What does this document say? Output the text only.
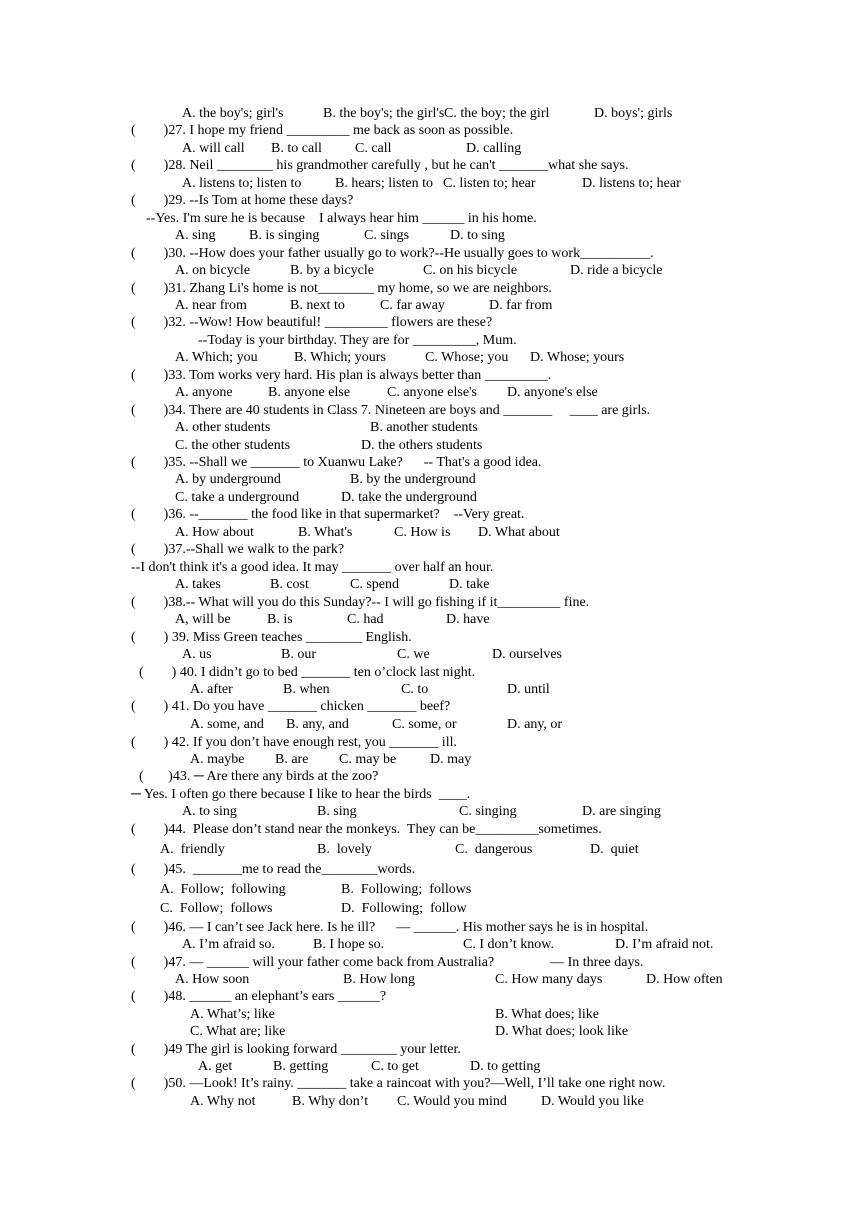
A. the boy's; girl's	B. the boy's; the girl's C. the boy; the girl	D. boys'; girls
(        )27. I hope my friend _________ me back as soon as possible.
A. will call B. to call C. call	D. calling
(        )28. Neil ________ his grandmother carefully , but he can't _______what she says.
A. listens to; listen to B. hears; listen to C. listen to; hear	D. listens to; hear
(        )29. --Is Tom at home these days?
--Yes. I'm sure he is because    I always hear him ______ in his home.
A. sing B. is singing	C. sings	D. to sing
(        )30. --How does your father usually go to work?--He usually goes to work__________.
A. on bicycle	B. by a bicycle	C. on his bicycle	D. ride a bicycle
(        )31. Zhang Li's home is not________ my home, so we are neighbors.
A. near from	B. next to	C. far away	D. far from
(        )32. --Wow! How beautiful! _________ flowers are these?
--Today is your birthday. They are for _________, Mum.
A. Which; you	B. Which; yours	C. Whose; you D. Whose; yours
(        )33. Tom works very hard. His plan is always better than _________.
A. anyone	B. anyone else	C. anyone else's D. anyone's else
(        )34. There are 40 students in Class 7. Nineteen are boys and _______     ____ are girls.
A. other students	B. another students
C. the other students	D. the others students
(        )35. --Shall we _______ to Xuanwu Lake?      -- That's a good idea.
A. by underground	B. by the underground
C. take a underground	D. take the underground
(        )36. --_______ the food like in that supermarket?    --Very great.
A. How about	B. What's	C. How is D. What about
(        )37.--Shall we walk to the park?
--I don't think it's a good idea. It may _______ over half an hour.
A. takes	B. cost	C. spend	D. take
(        )38.-- What will you do this Sunday?-- I will go fishing if it_________ fine.
A, will be	B. is	C. had	D. have
(        ) 39. Miss Green teaches ________ English.
A. us	B. our	C. we	D. ourselves
(        ) 40. I didn’t go to bed _______ ten o’clock last night.
A. after	B. when	C. to	D. until
(        ) 41. Do you have _______ chicken _______ beef?
A. some, and B. any, and	C. some, or	D. any, or
(        ) 42. If you don’t have enough rest, you _______ ill.
A. maybe B. are C. may be D. may
(       )43. ─ Are there any birds at the zoo?
─ Yes. I often go there because I like to hear the birds  ____.
A. to sing	B. sing	C. singing	D. are singing
(        )44.  Please don’t stand near the monkeys.  They can be_________sometimes.
A.  friendly	B.  lovely	C.  dangerous	D.  quiet
(        )45.  _______me to read the________words.
A.  Follow;  following	B.  Following;  follows
C.  Follow;  follows	D.  Following;  follow
(        )46. — I can’t see Jack here. Is he ill?      — ______. His mother says he is in hospital.
A. I’m afraid so.	B. I hope so.	C. I don’t know.	D. I’m afraid not.
(        )47. — ______ will your father come back from Australia?                — In three days.
A. How soon	B. How long	C. How many days	D. How often
(        )48. ______ an elephant’s ears ______?
A. What’s; like	B. What does; like
C. What are; like	D. What does; look like
(        )49 The girl is looking forward ________ your letter.
A. get	B. getting	C. to get	D. to getting
(        )50. —Look! It’s rainy. _______ take a raincoat with you?—Well, I’ll take one right now.
A. Why not	B. Why don’t C. Would you mind D. Would you like
